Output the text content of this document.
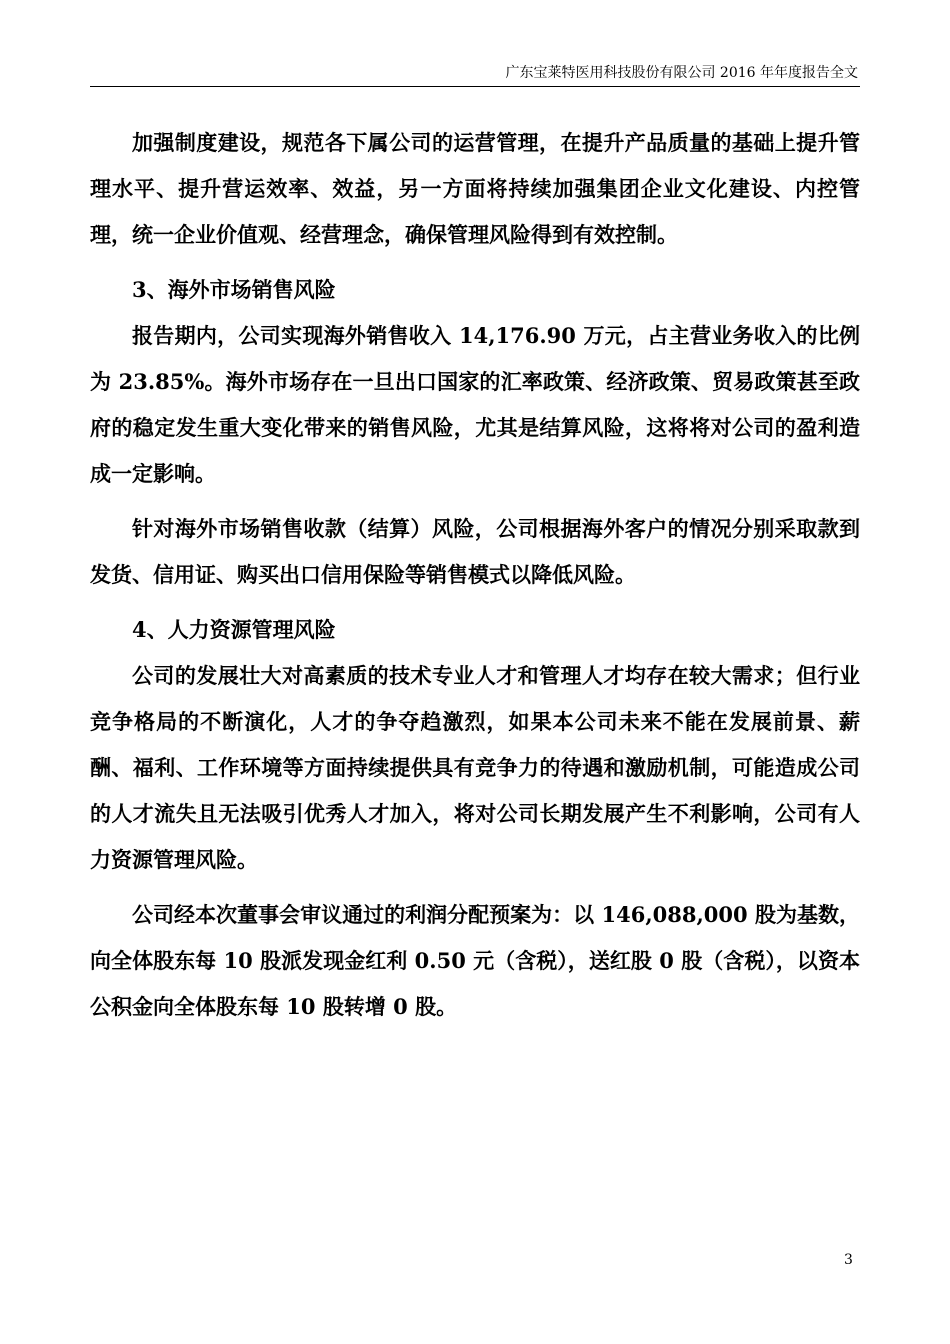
广东宝莱特医用科技股份有限公司 2016 年年度报告全文

加强制度建设，规范各下属公司的运营管理，在提升产品质量的基础上提升管理水平、提升营运效率、效益，另一方面将持续加强集团企业文化建设、内控管理，统一企业价值观、经营理念，确保管理风险得到有效控制。

3、海外市场销售风险

报告期内，公司实现海外销售收入 14,176.90 万元，占主营业务收入的比例为 23.85%。海外市场存在一旦出口国家的汇率政策、经济政策、贸易政策甚至政府的稳定发生重大变化带来的销售风险，尤其是结算风险，这将将对公司的盈利造成一定影响。

针对海外市场销售收款（结算）风险，公司根据海外客户的情况分别采取款到发货、信用证、购买出口信用保险等销售模式以降低风险。

4、人力资源管理风险

公司的发展壮大对高素质的技术专业人才和管理人才均存在较大需求；但行业竞争格局的不断演化，人才的争夺趋激烈，如果本公司未来不能在发展前景、薪酬、福利、工作环境等方面持续提供具有竞争力的待遇和激励机制，可能造成公司的人才流失且无法吸引优秀人才加入，将对公司长期发展产生不利影响，公司有人力资源管理风险。

公司经本次董事会审议通过的利润分配预案为：以 146,088,000 股为基数，向全体股东每 10 股派发现金红利 0.50 元（含税），送红股 0 股（含税），以资本公积金向全体股东每 10 股转增 0 股。

3
